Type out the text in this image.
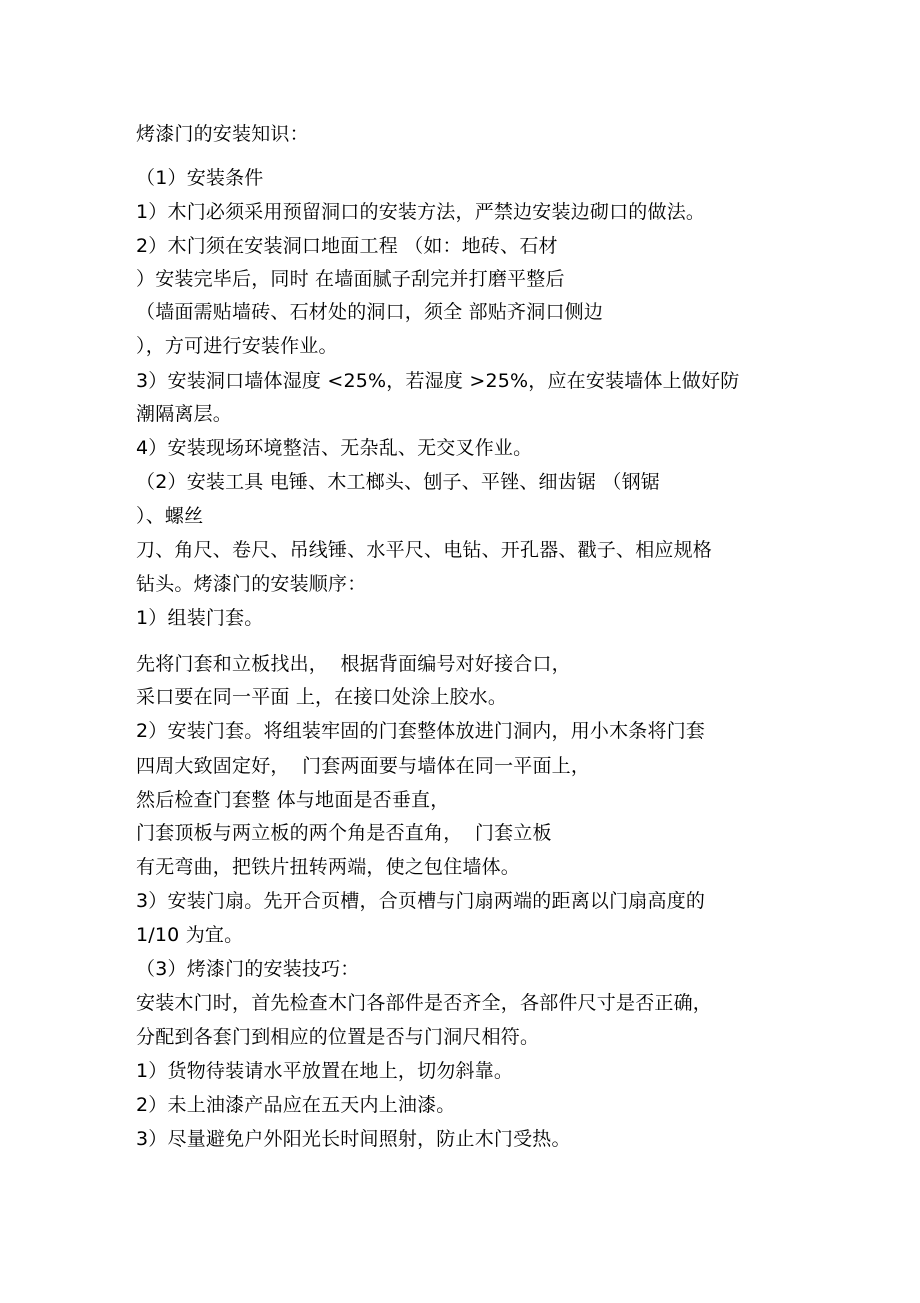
烤漆门的安装知识：

（1）安装条件

1）木门必须采用预留洞口的安装方法，严禁边安装边砌口的做法。

2）木门须在安装洞口地面工程 （如：地砖、石材

）安装完毕后，同时 在墙面腻子刮完并打磨平整后

（墙面需贴墙砖、石材处的洞口，须全 部贴齐洞口侧边

），方可进行安装作业。

3）安装洞口墙体湿度 <25%，若湿度 >25%，应在安装墙体上做好防

潮隔离层。

4）安装现场环境整洁、无杂乱、无交叉作业。

（2）安装工具 电锤、木工榔头、刨子、平锉、细齿锯 （钢锯

）、螺丝

刀、角尺、卷尺、吊线锤、水平尺、电钻、开孔器、戳子、相应规格

钻头。烤漆门的安装顺序：

1）组装门套。

先将门套和立板找出，  根据背面编号对好接合口，

采口要在同一平面 上，在接口处涂上胶水。

2）安装门套。将组装牢固的门套整体放进门洞内，用小木条将门套

四周大致固定好，  门套两面要与墙体在同一平面上，

然后检查门套整 体与地面是否垂直，

门套顶板与两立板的两个角是否直角，  门套立板

有无弯曲，把铁片扭转两端，使之包住墙体。

3）安装门扇。先开合页槽，合页槽与门扇两端的距离以门扇高度的

1/10 为宜。

（3）烤漆门的安装技巧：

安装木门时，首先检查木门各部件是否齐全，各部件尺寸是否正确，

分配到各套门到相应的位置是否与门洞尺相符。

1）货物待装请水平放置在地上，切勿斜靠。

2）未上油漆产品应在五天内上油漆。

3）尽量避免户外阳光长时间照射，防止木门受热。
